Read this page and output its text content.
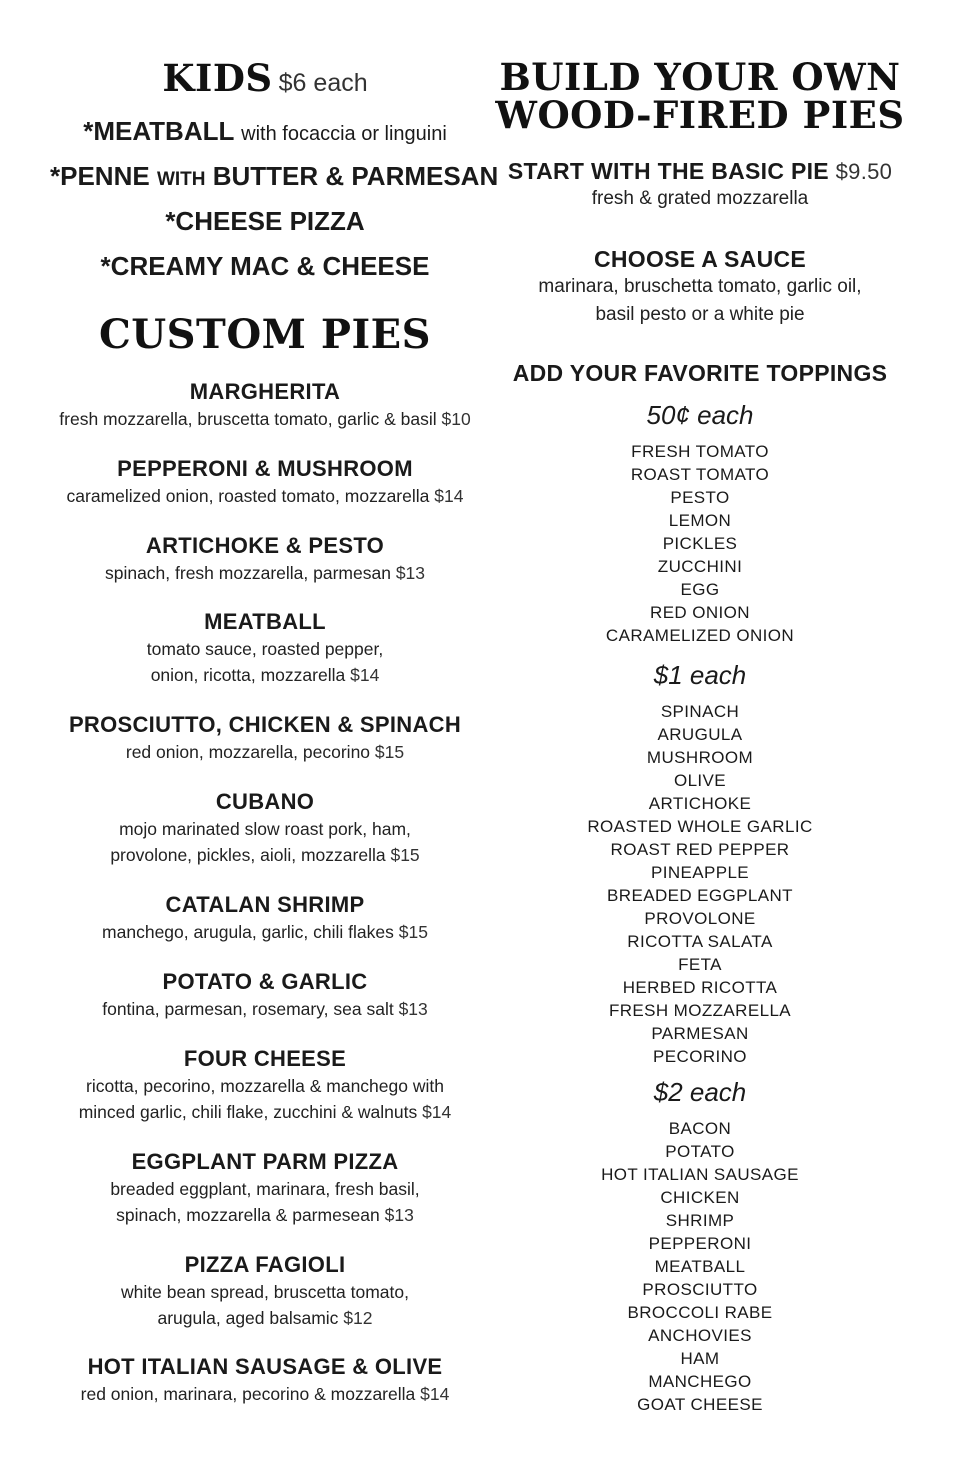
KIDS $6 each
*MEATBALL with focaccia or linguini
*PENNE WITH BUTTER & PARMESAN
*CHEESE PIZZA
*CREAMY MAC & CHEESE
CUSTOM PIES
MARGHERITA
fresh mozzarella, bruscetta tomato, garlic & basil $10
PEPPERONI & MUSHROOM
caramelized onion, roasted tomato, mozzarella $14
ARTICHOKE & PESTO
spinach, fresh mozzarella, parmesan $13
MEATBALL
tomato sauce, roasted pepper,
onion, ricotta, mozzarella $14
PROSCIUTTO, CHICKEN & SPINACH
red onion, mozzarella, pecorino $15
CUBANO
mojo marinated slow roast pork, ham,
provolone, pickles, aioli, mozzarella $15
CATALAN SHRIMP
manchego, arugula, garlic, chili flakes $15
POTATO & GARLIC
fontina, parmesan, rosemary, sea salt $13
FOUR CHEESE
ricotta, pecorino, mozzarella & manchego with
minced garlic, chili flake, zucchini & walnuts $14
EGGPLANT PARM PIZZA
breaded eggplant, marinara, fresh basil,
spinach, mozzarella & parmesean $13
PIZZA FAGIOLI
white bean spread, bruscetta tomato,
arugula, aged balsamic $12
HOT ITALIAN SAUSAGE & OLIVE
red onion, marinara, pecorino & mozzarella $14
BUILD YOUR OWN
WOOD-FIRED PIES
START WITH THE BASIC PIE $9.50
fresh & grated mozzarella
CHOOSE A SAUCE
marinara, bruschetta tomato, garlic oil,
basil pesto or a white pie
ADD YOUR FAVORITE TOPPINGS
50¢ each
FRESH TOMATO
ROAST TOMATO
PESTO
LEMON
PICKLES
ZUCCHINI
EGG
RED ONION
CARAMELIZED ONION
$1 each
SPINACH
ARUGULA
MUSHROOM
OLIVE
ARTICHOKE
ROASTED WHOLE GARLIC
ROAST RED PEPPER
PINEAPPLE
BREADED EGGPLANT
PROVOLONE
RICOTTA SALATA
FETA
HERBED RICOTTA
FRESH MOZZARELLA
PARMESAN
PECORINO
$2 each
BACON
POTATO
HOT ITALIAN SAUSAGE
CHICKEN
SHRIMP
PEPPERONI
MEATBALL
PROSCIUTTO
BROCCOLI RABE
ANCHOVIES
HAM
MANCHEGO
GOAT CHEESE
